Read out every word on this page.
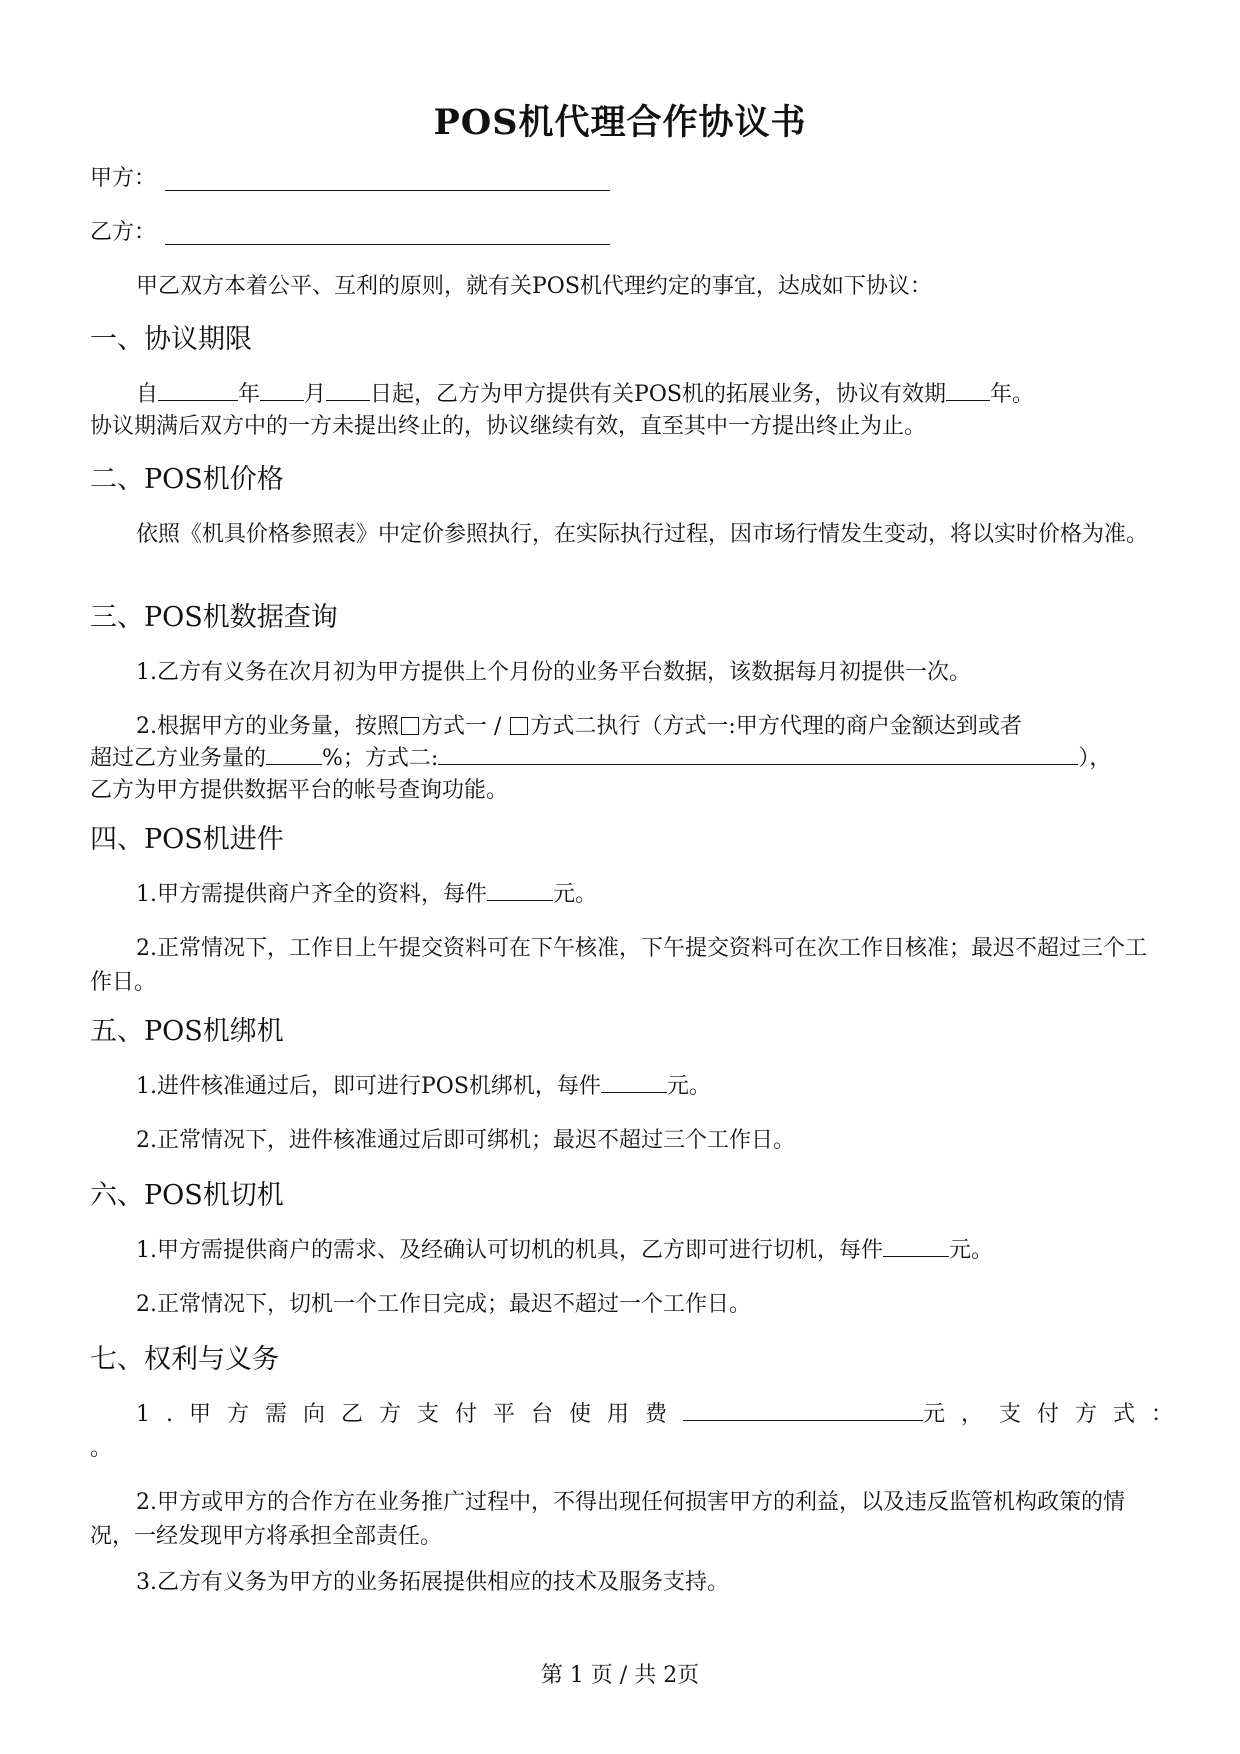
POS机代理合作协议书
甲方：
乙方：
甲乙双方本着公平、互利的原则，就有关POS机代理约定的事宜，达成如下协议：
一、协议期限
自	年 月 日起，乙方为甲方提供有关POS机的拓展业务，协议有效期 年。
协议期满后双方中的一方未提出终止的，协议继续有效，直至其中一方提出终止为止。
二、POS机价格
依照《机具价格参照表》中定价参照执行，在实际执行过程，因市场行情发生变动，将以实时价格为准。
三、POS机数据查询
1.乙方有义务在次月初为甲方提供上个月份的业务平台数据，该数据每月初提供一次。
2.根据甲方的业务量，按照 方式一 / 方式二执行（方式一:甲方代理的商户金额达到或者
超过乙方业务量的	%；方式二:	），
乙方为甲方提供数据平台的帐号查询功能。
四、POS机进件
1.甲方需提供商户齐全的资料，每件	元。
2.正常情况下，工作日上午提交资料可在下午核准，下午提交资料可在次工作日核准；最迟不超过三个工作日。
五、POS机绑机
1.进件核准通过后，即可进行POS机绑机，每件	元。
2.正常情况下，进件核准通过后即可绑机；最迟不超过三个工作日。
六、POS机切机
1.甲方需提供商户的需求、及经确认可切机的机具，乙方即可进行切机，每件	元。
2.正常情况下，切机一个工作日完成；最迟不超过一个工作日。
七、权利与义务
1.甲方需向乙方支付平台使用费	元，支付方式：
。
2.甲方或甲方的合作方在业务推广过程中，不得出现任何损害甲方的利益，以及违反监管机构政策的情况，一经发现甲方将承担全部责任。
3.乙方有义务为甲方的业务拓展提供相应的技术及服务支持。
第 1 页 / 共 2页
